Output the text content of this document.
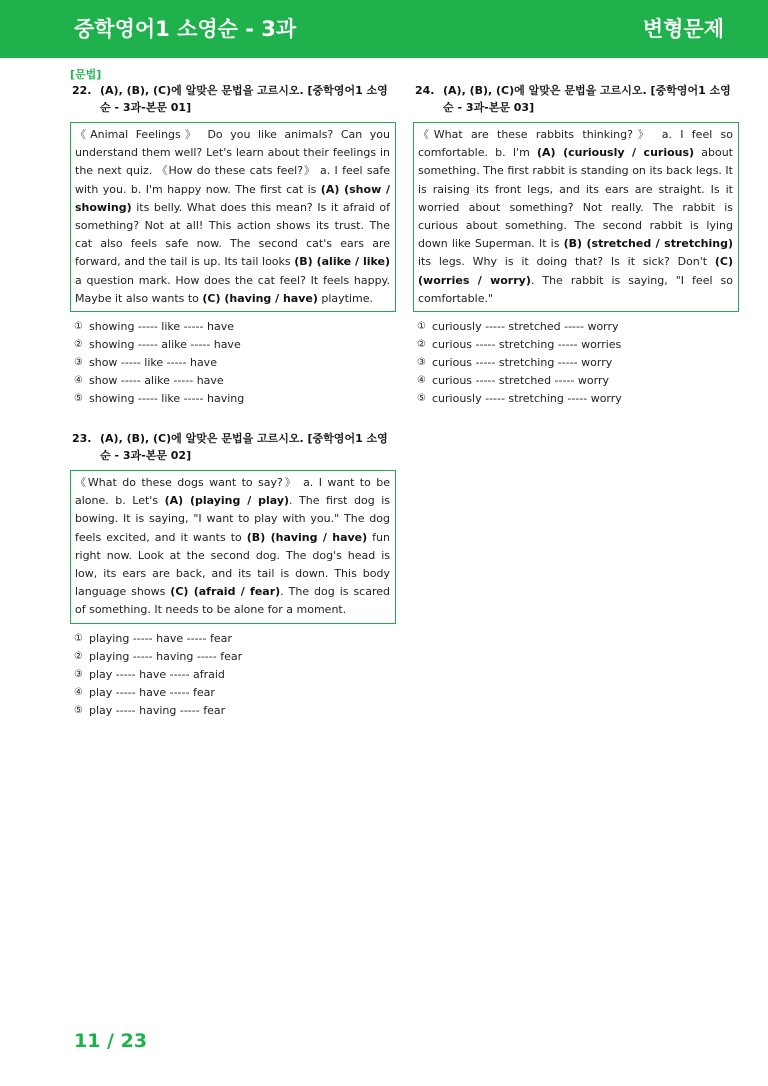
중학영어1 소영순 - 3과	변형문제
[문법]
22. (A), (B), (C)에 알맞은 문법을 고르시오. [중학영어1 소영순 - 3과-본문 01]
《Animal Feelings》 Do you like animals? Can you understand them well? Let's learn about their feelings in the next quiz. 《How do these cats feel?》 a. I feel safe with you. b. I'm happy now. The first cat is (A) (show / showing) its belly. What does this mean? Is it afraid of something? Not at all! This action shows its trust. The cat also feels safe now. The second cat's ears are forward, and the tail is up. Its tail looks (B) (alike / like) a question mark. How does the cat feel? It feels happy. Maybe it also wants to (C) (having / have) playtime.
① showing ----- like ----- have
② showing ----- alike ----- have
③ show ----- like ----- have
④ show ----- alike ----- have
⑤ showing ----- like ----- having
23. (A), (B), (C)에 알맞은 문법을 고르시오. [중학영어1 소영순 - 3과-본문 02]
《What do these dogs want to say?》 a. I want to be alone. b. Let's (A) (playing / play). The first dog is bowing. It is saying, "I want to play with you." The dog feels excited, and it wants to (B) (having / have) fun right now. Look at the second dog. The dog's head is low, its ears are back, and its tail is down. This body language shows (C) (afraid / fear). The dog is scared of something. It needs to be alone for a moment.
① playing ----- have ----- fear
② playing ----- having ----- fear
③ play ----- have ----- afraid
④ play ----- have ----- fear
⑤ play ----- having ----- fear
24. (A), (B), (C)에 알맞은 문법을 고르시오. [중학영어1 소영순 - 3과-본문 03]
《What are these rabbits thinking?》 a. I feel so comfortable. b. I'm (A) (curiously / curious) about something. The first rabbit is standing on its back legs. It is raising its front legs, and its ears are straight. Is it worried about something? Not really. The rabbit is curious about something. The second rabbit is lying down like Superman. It is (B) (stretched / stretching) its legs. Why is it doing that? Is it sick? Don't (C) (worries / worry). The rabbit is saying, "I feel so comfortable."
① curiously ----- stretched ----- worry
② curious ----- stretching ----- worries
③ curious ----- stretching ----- worry
④ curious ----- stretched ----- worry
⑤ curiously ----- stretching ----- worry
11 / 23
